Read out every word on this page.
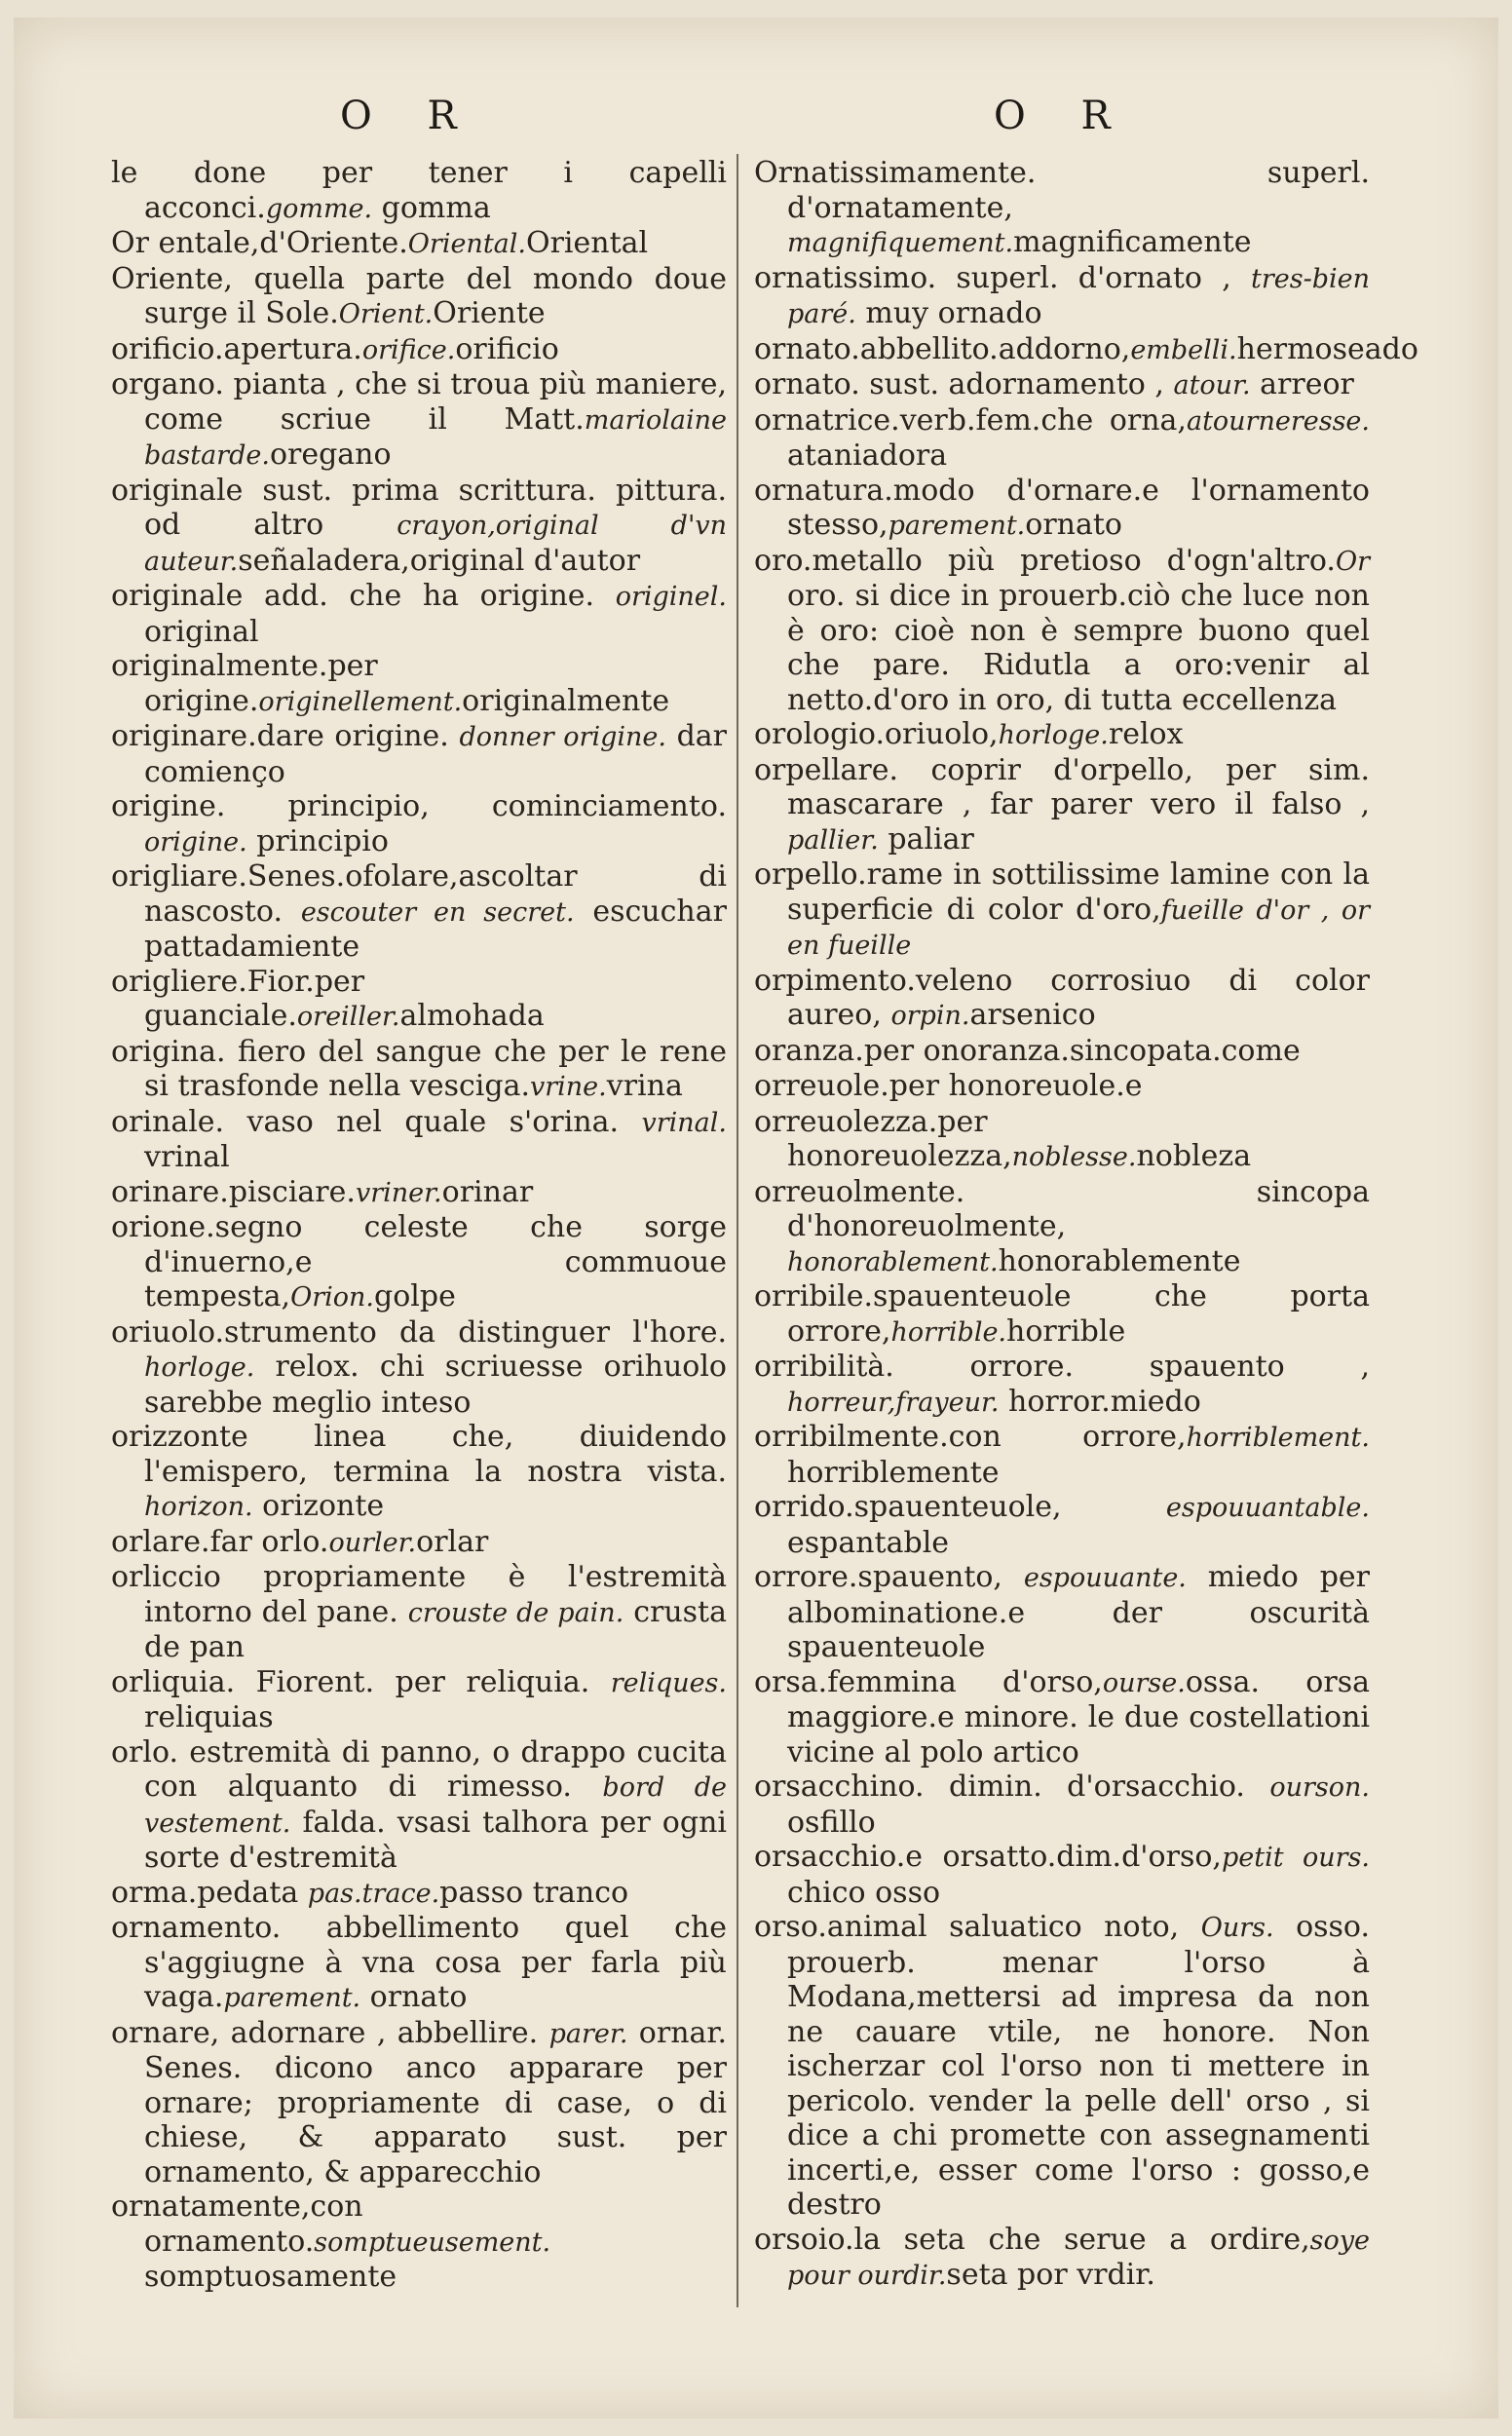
O R	O R

le done per tener i capelli acconci.gomme. gomma

Or entale,d'Oriente.Oriental.Oriental

Oriente, quella parte del mondo doue surge il Sole.Orient.Oriente

orificio.apertura.orifice.orificio

organo. pianta , che si troua più maniere, come scriue il Matt.mariolaine bastarde.oregano

originale sust. prima scrittura. pittura. od altro crayon,original d'vn auteur.señaladera,original d'autor

originale add. che ha origine. originel. original

originalmente.per origine.originellement.originalmente

originare.dare origine. donner origine. dar comienço

origine. principio, cominciamento. origine. principio

origliare.Senes.ofolare,ascoltar di nascosto. escouter en secret. escuchar pattadamiente

origliere.Fior.per guanciale.oreiller.almohada

origina. fiero del sangue che per le rene si trasfonde nella vesciga.vrine.vrina

orinale. vaso nel quale s'orina. vrinal. vrinal

orinare.pisciare.vriner.orinar

orione.segno celeste che sorge d'inuerno,e commuoue tempesta,Orion.golpe

oriuolo.strumento da distinguer l'hore. horloge. relox. chi scriuesse orihuolo sarebbe meglio inteso

orizzonte linea che, diuidendo l'emispero, termina la nostra vista. horizon. orizonte

orlare.far orlo.ourler.orlar

orliccio propriamente è l'estremità intorno del pane. crouste de pain. crusta de pan

orliquia. Fiorent. per reliquia. reliques. reliquias

orlo. estremità di panno, o drappo cucita con alquanto di rimesso. bord de vestement. falda. vsasi talhora per ogni sorte d'estremità

orma.pedata pas.trace.passo tranco

ornamento. abbellimento quel che s'aggiugne à vna cosa per farla più vaga.parement. ornato

ornare, adornare , abbellire. parer. ornar. Senes. dicono anco apparare per ornare; propriamente di case, o di chiese, & apparato sust. per ornamento, & apparecchio

ornatamente,con ornamento.somptueusement. somptuosamente

Ornatissimamente. superl. d'ornatamente, magnifiquement.magnificamente

ornatissimo. superl. d'ornato , tres-bien paré. muy ornado

ornato.abbellito.addorno,embelli.hermoseado

ornato. sust. adornamento , atour. arreor

ornatrice.verb.fem.che orna,atourneresse. ataniadora

ornatura.modo d'ornare.e l'ornamento stesso,parement.ornato

oro.metallo più pretioso d'ogn'altro.Or oro. si dice in prouerb.ciò che luce non è oro: cioè non è sempre buono quel che pare. Ridutla a oro:venir al netto.d'oro in oro, di tutta eccellenza

orologio.oriuolo,horloge.relox

orpellare. coprir d'orpello, per sim. mascarare , far parer vero il falso , pallier. paliar

orpello.rame in sottilissime lamine con la superficie di color d'oro,fueille d'or , or en fueille

orpimento.veleno corrosiuo di color aureo, orpin.arsenico

oranza.per onoranza.sincopata.come

orreuole.per honoreuole.e

orreuolezza.per honoreuolezza,noblesse.nobleza

orreuolmente. sincopa d'honoreuolmente, honorablement.honorablemente

orribile.spauenteuole che porta orrore,horrible.horrible

orribilità. orrore. spauento , horreur,frayeur. horror.miedo

orribilmente.con orrore,horriblement. horriblemente

orrido.spauenteuole, espouuantable. espantable

orrore.spauento, espouuante. miedo per albominatione.e der oscurità spauenteuole

orsa.femmina d'orso,ourse.ossa. orsa maggiore.e minore. le due costellationi vicine al polo artico

orsacchino. dimin. d'orsacchio. ourson. osfillo

orsacchio.e orsatto.dim.d'orso,petit ours. chico osso

orso.animal saluatico noto, Ours. osso. prouerb. menar l'orso à Modana,mettersi ad impresa da non ne cauare vtile, ne honore. Non ischerzar col l'orso non ti mettere in pericolo. vender la pelle dell' orso , si dice a chi promette con assegnamenti incerti,e, esser come l'orso : gosso,e destro

orsoio.la seta che serue a ordire,soye pour ourdir.seta por vrdir.
